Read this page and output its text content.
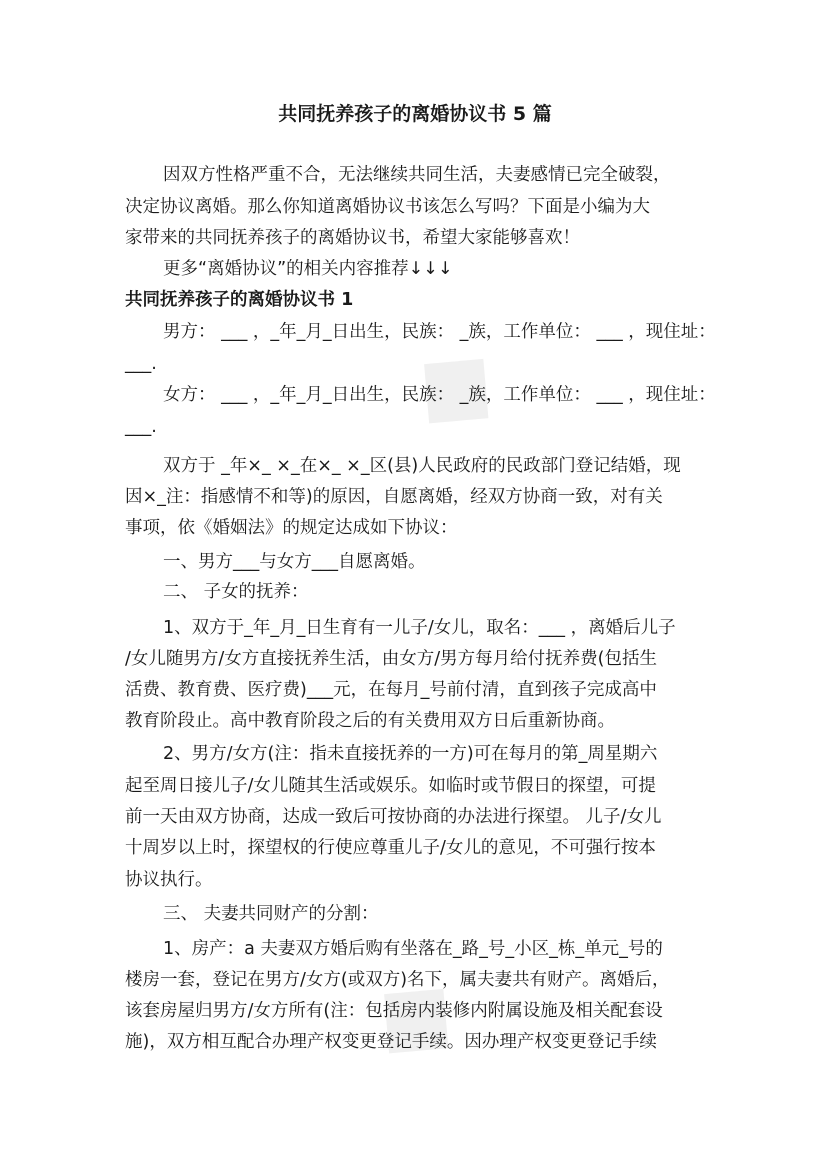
◆
◆
共同抚养孩子的离婚协议书 5 篇
因双方性格严重不合，无法继续共同生活，夫妻感情已完全破裂，
决定协议离婚。那么你知道离婚协议书该怎么写吗？下面是小编为大
家带来的共同抚养孩子的离婚协议书，希望大家能够喜欢！
更多“离婚协议”的相关内容推荐↓↓↓
共同抚养孩子的离婚协议书 1
男方： ___ ，_年_月_日出生，民族： _族，工作单位： ___ ，现住址：
___.
女方： ___ ，_年_月_日出生，民族： _族，工作单位： ___ ，现住址：
___.
双方于 _年×_ ×_在×_ ×_区(县)人民政府的民政部门登记结婚，现
因×_注：指感情不和等)的原因，自愿离婚，经双方协商一致，对有关
事项，依《婚姻法》的规定达成如下协议：
一、男方___与女方___自愿离婚。
二、 子女的抚养：
1、双方于_年_月_日生育有一儿子/女儿，取名：___ ，离婚后儿子
/女儿随男方/女方直接抚养生活，由女方/男方每月给付抚养费(包括生
活费、教育费、医疗费)___元，在每月_号前付清，直到孩子完成高中
教育阶段止。高中教育阶段之后的有关费用双方日后重新协商。
2、男方/女方(注：指未直接抚养的一方)可在每月的第_周星期六
起至周日接儿子/女儿随其生活或娱乐。如临时或节假日的探望，可提
前一天由双方协商，达成一致后可按协商的办法进行探望。 儿子/女儿
十周岁以上时，探望权的行使应尊重儿子/女儿的意见，不可强行按本
协议执行。
三、 夫妻共同财产的分割：
1、房产：a 夫妻双方婚后购有坐落在_路_号_小区_栋_单元_号的
楼房一套，登记在男方/女方(或双方)名下，属夫妻共有财产。离婚后，
该套房屋归男方/女方所有(注：包括房内装修内附属设施及相关配套设
施)，双方相互配合办理产权变更登记手续。因办理产权变更登记手续
